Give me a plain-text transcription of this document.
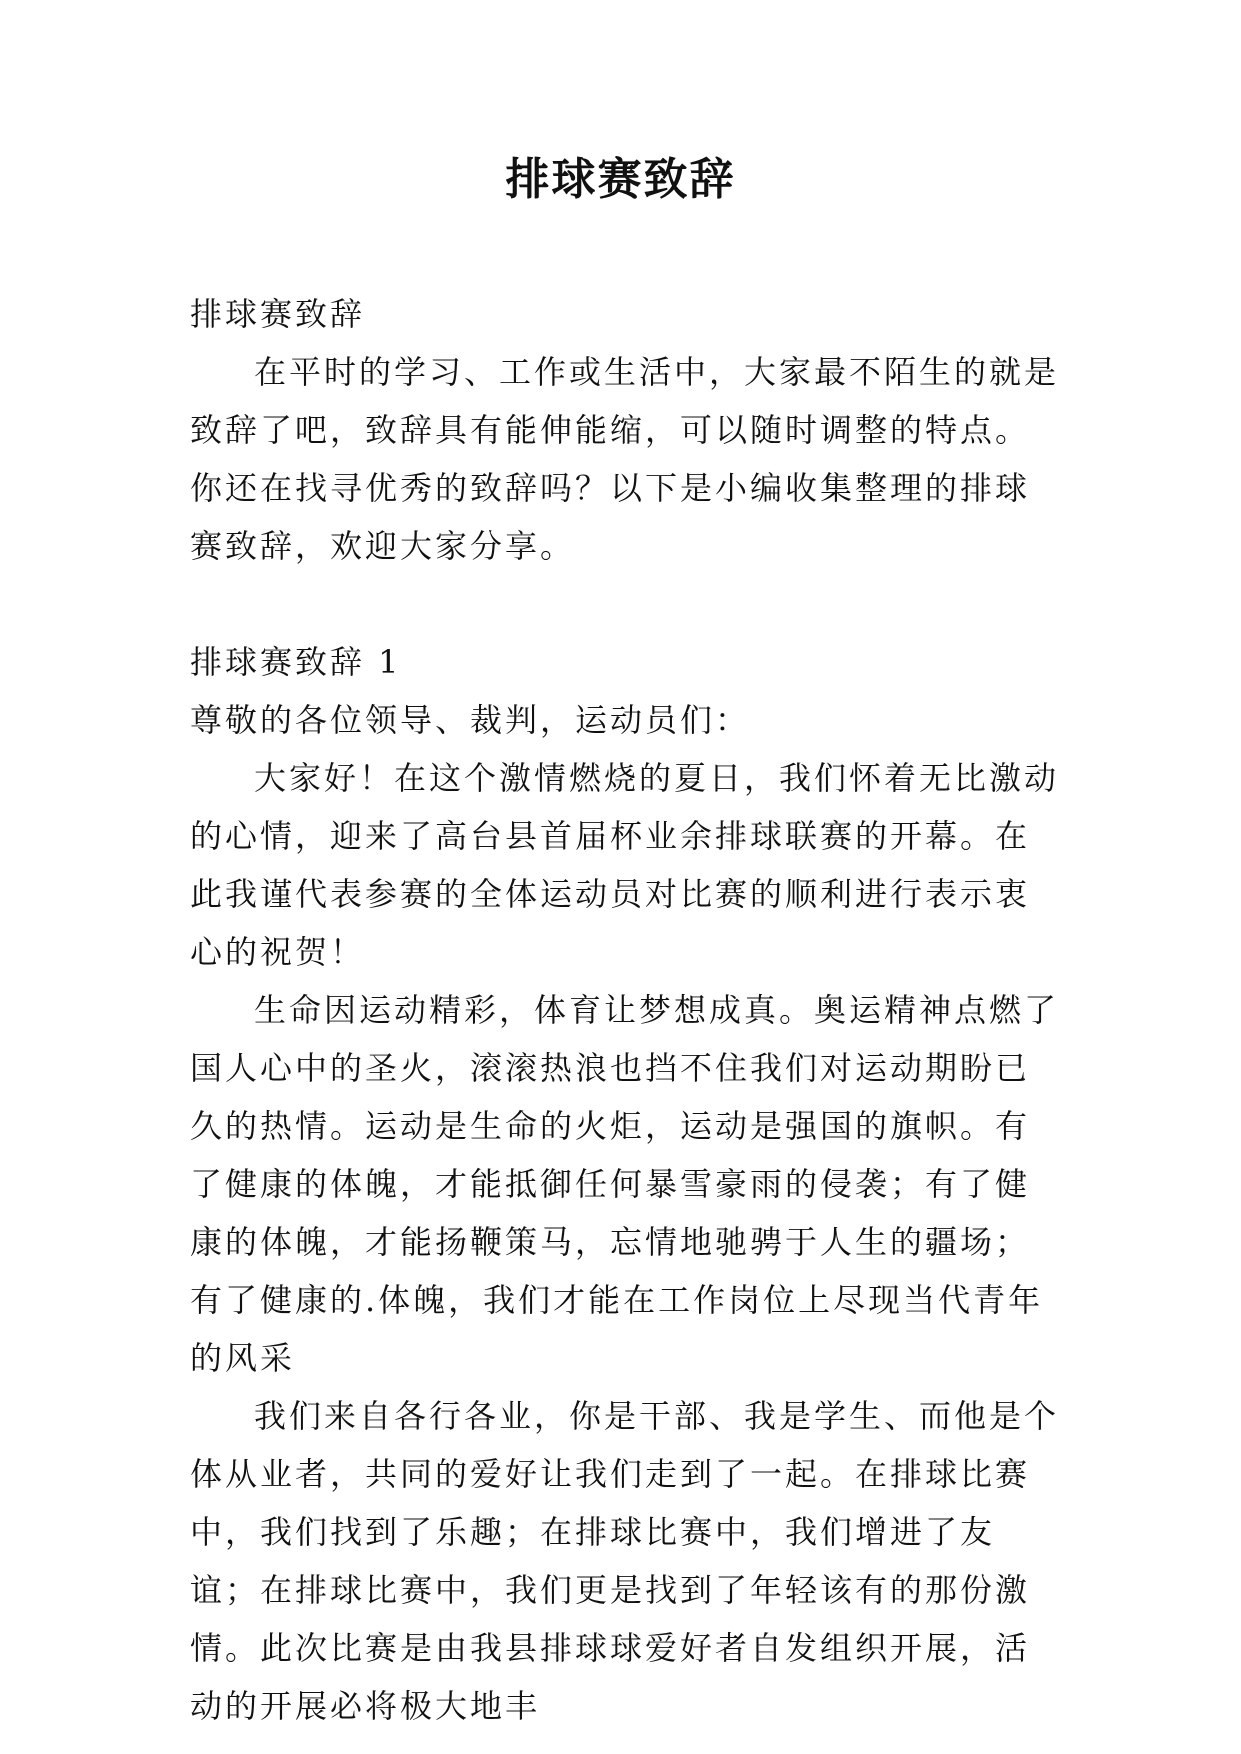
排球赛致辞

排球赛致辞

在平时的学习、工作或生活中，大家最不陌生的就是致辞了吧，致辞具有能伸能缩，可以随时调整的特点。你还在找寻优秀的致辞吗？以下是小编收集整理的排球赛致辞，欢迎大家分享。

排球赛致辞 1

尊敬的各位领导、裁判，运动员们：

大家好！在这个激情燃烧的夏日，我们怀着无比激动的心情，迎来了高台县首届杯业余排球联赛的开幕。在此我谨代表参赛的全体运动员对比赛的顺利进行表示衷心的祝贺！

生命因运动精彩，体育让梦想成真。奥运精神点燃了国人心中的圣火，滚滚热浪也挡不住我们对运动期盼已久的热情。运动是生命的火炬，运动是强国的旗帜。有了健康的体魄，才能抵御任何暴雪豪雨的侵袭；有了健康的体魄，才能扬鞭策马，忘情地驰骋于人生的疆场；有了健康的.体魄，我们才能在工作岗位上尽现当代青年的风采

我们来自各行各业，你是干部、我是学生、而他是个体从业者，共同的爱好让我们走到了一起。在排球比赛中，我们找到了乐趣；在排球比赛中，我们增进了友谊；在排球比赛中，我们更是找到了年轻该有的那份激情。此次比赛是由我县排球球爱好者自发组织开展，活动的开展必将极大地丰
